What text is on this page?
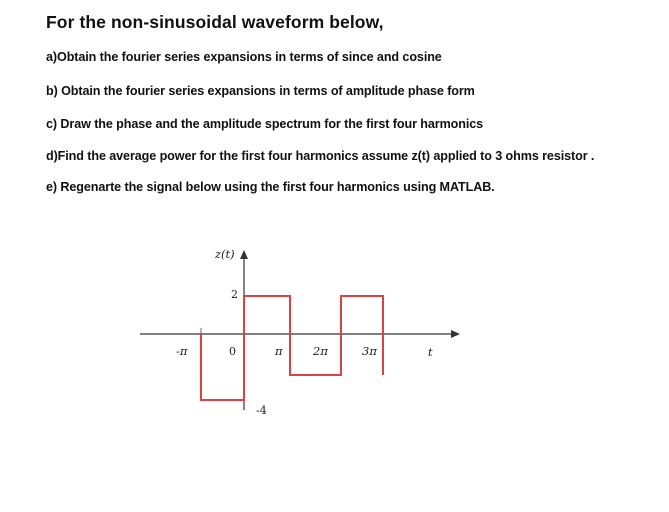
For the non-sinusoidal waveform below,
a)Obtain the fourier series expansions in terms of since and cosine
b) Obtain the fourier series expansions in terms of amplitude phase form
c) Draw the phase and the amplitude spectrum for the first four harmonics
d)Find the average power for the first four harmonics assume z(t) applied to 3 ohms resistor .
e) Regenarte the signal below using the first four harmonics using MATLAB.
z(t)
t
-π	0	π	2π	3π
2
-4
